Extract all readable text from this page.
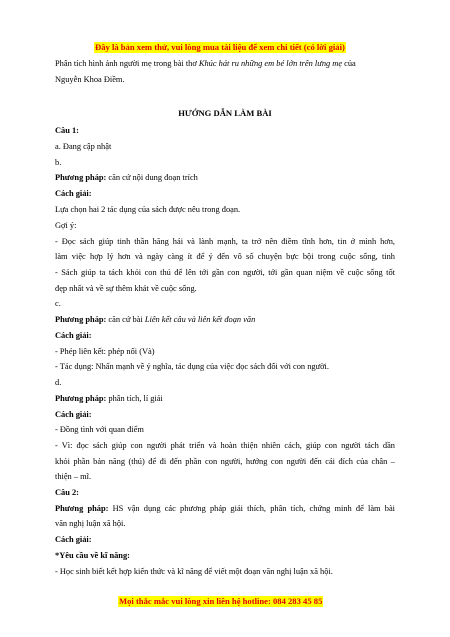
Đây là bản xem thử, vui lòng mua tài liệu để xem chi tiết (có lời giải)
Phân tích hình ảnh người mẹ trong bài thơ Khúc hát ru những em bé lớn trên lưng mẹ của
Nguyễn Khoa Điềm.
HƯỚNG DẪN LÀM BÀI
Câu 1:
a. Đang cập nhật
b.
Phương pháp: căn cứ nội dung đoạn trích
Cách giải:
Lựa chọn hai 2 tác dụng của sách được nêu trong đoạn.
Gợi ý:
- Đọc sách giúp tinh thần hăng hái và lành mạnh, ta trở nên điềm tĩnh hơn, tin ở mình hơn,
làm việc hợp lý hơn và ngày càng ít để ý đến vô số chuyện bực bội trong cuộc sống, tinh
- Sách giúp ta tách khỏi con thú để lên tới gần con người, tới gần quan niệm về cuộc sống tốt
đẹp nhất và về sự thêm khát về cuộc sống.
c.
Phương pháp: căn cứ bài Liên kết câu và liên kết đoạn văn
Cách giải:
- Phép liên kết: phép nối (Và)
- Tác dụng: Nhấn mạnh về ý nghĩa, tác dụng của việc đọc sách đối với con người.
d.
Phương pháp: phân tích, lí giải
Cách giải:
- Đồng tình với quan điểm
- Vì: đọc sách giúp con người phát triển và hoàn thiện nhiên cách, giúp con người tách dần
khỏi phần bản năng (thú) để đi đến phần con người, hướng con người đến cái đích của chân –
thiện – mĩ.
Câu 2:
Phương pháp: HS vận dụng các phương pháp giải thích, phân tích, chứng minh để làm bài
văn nghị luận xã hội.
Cách giải:
*Yêu cầu về kĩ năng:
- Học sinh biết kết hợp kiến thức và kĩ năng để viết một đoạn văn nghị luận xã hội.
Mọi thắc mắc vui lòng xin liên hệ hotline: 084 283 45 85
